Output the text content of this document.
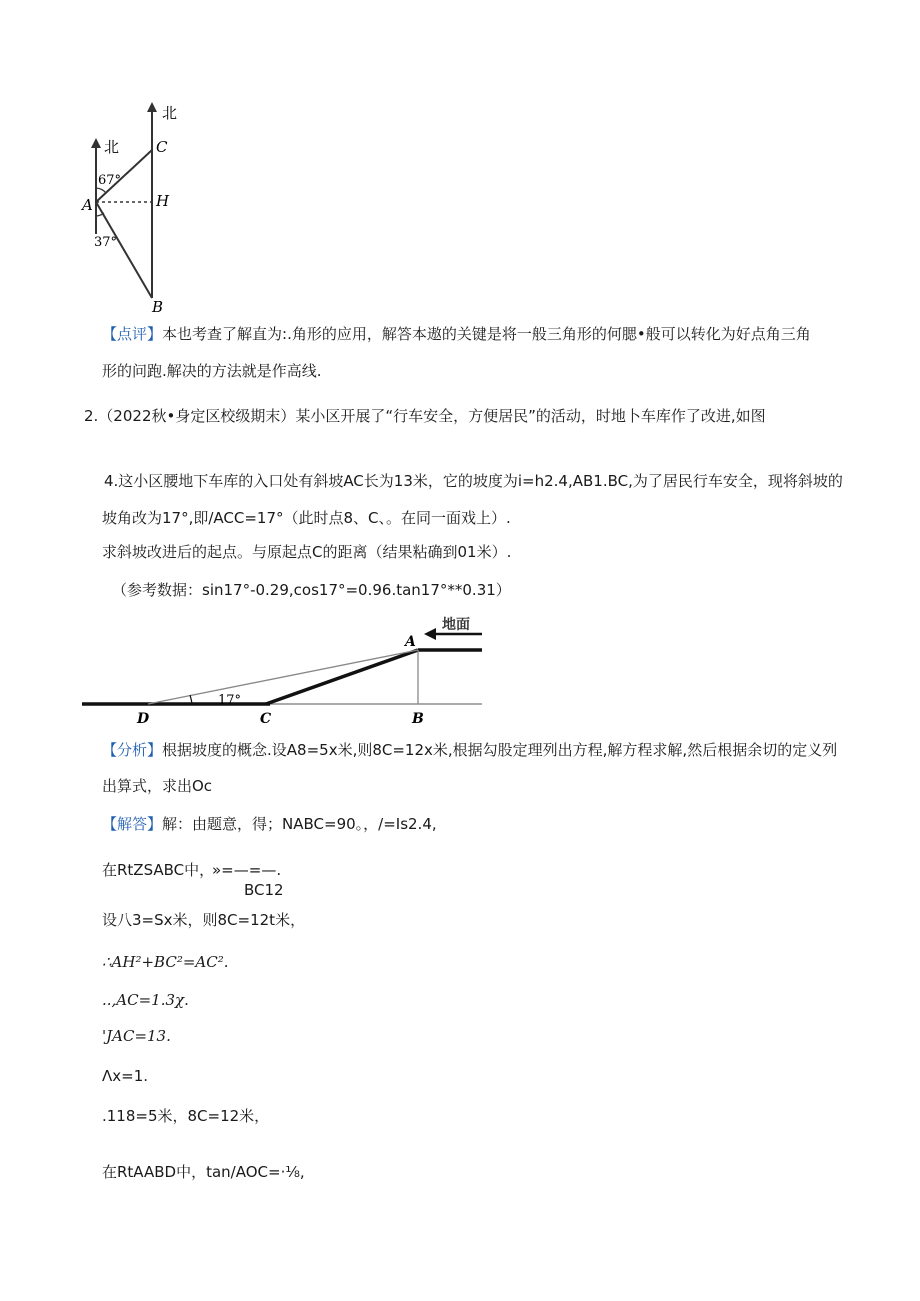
北
北 C
H
A
B
67°
37°
【点评】本也考查了解直为:.角形的应用，解答本遨的关键是将一般三角形的何腮•般可以转化为好点角三角
形的问跑.解决的方法就是作高线.
2.（2022秋•身定区校级期末）某小区开展了“行车安全，方便居民”的活动，时地卜车库作了改进,如图
4.这小区腰地下车库的入口处有斜坡AC长为13米，它的坡度为i=h2.4,AB1.BC,为了居民行车安全，现将斜坡的
坡角改为17°,即/ACC=17°（此时点8、C、。在同一面戏上）.
求斜坡改进后的起点。与原起点C的距离（结果粘确到01米）.
（参考数据：sin17°-0.29,cos17°=0.96.tan17°**0.31）
17°
地面
A
D	C	B
【分析】根据坡度的概念.设A8=5x米,则8C=12x米,根据勾股定理列出方程,解方程求解,然后根据余切的定义列
出算式，求出Oc
【解答】解：由题意，得；NABC=90。，/=Is2.4,
在RtZSABC中，
»=—=—.
BC12
设八3=Sx米，则8C=12t米，
∴AH²+BC²=AC².
..,AC=1.3χ.
'JAC=13.
Λx=1.
.118=5米，8C=12米，
在RtAABD中，tan/AOC=·⅛,
